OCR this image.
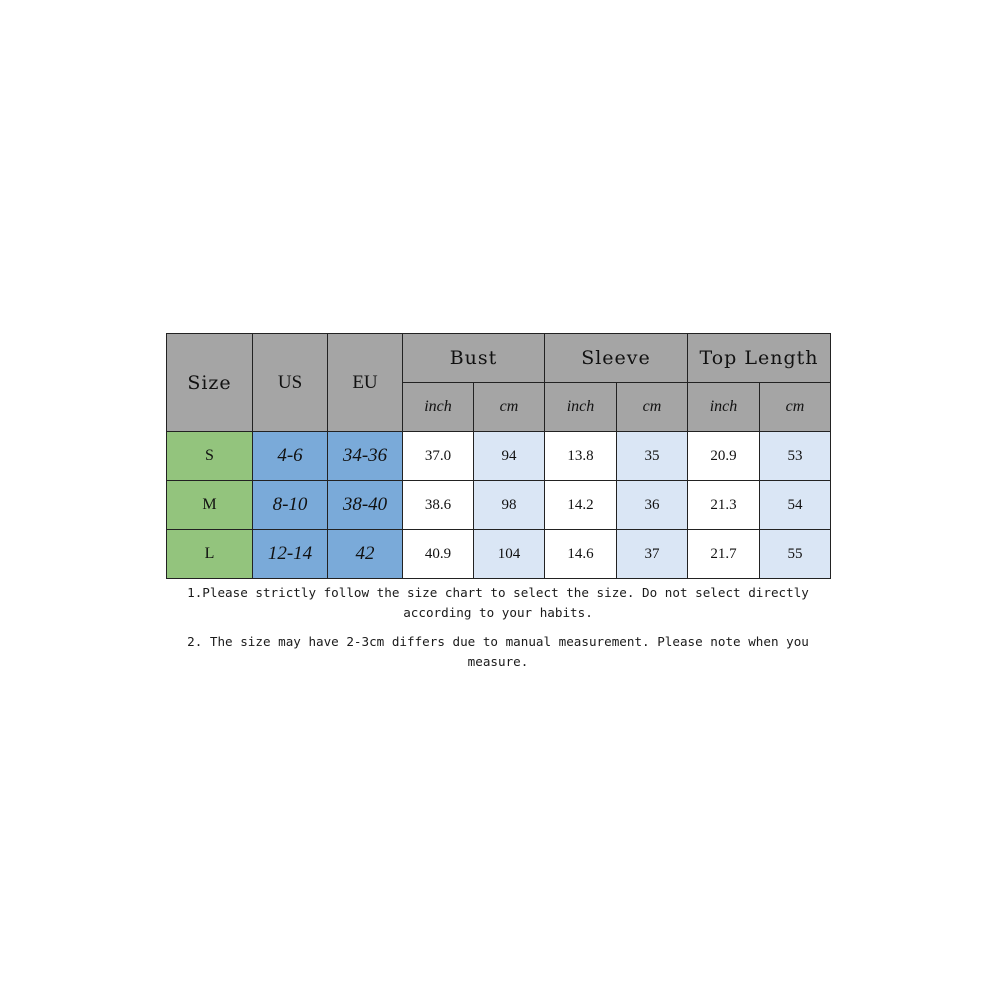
Size	US	EU	Bust		Sleeve		Top Length	
			inch	cm	inch	cm	inch	cm
S	4-6	34-36	37.0	94	13.8	35	20.9	53
M	8-10	38-40	38.6	98	14.2	36	21.3	54
L	12-14	42	40.9	104	14.6	37	21.7	55

1.Please strictly follow the size chart to select the size. Do not select directly according to your habits.

2. The size may have 2-3cm differs due to manual measurement. Please note when you measure.
